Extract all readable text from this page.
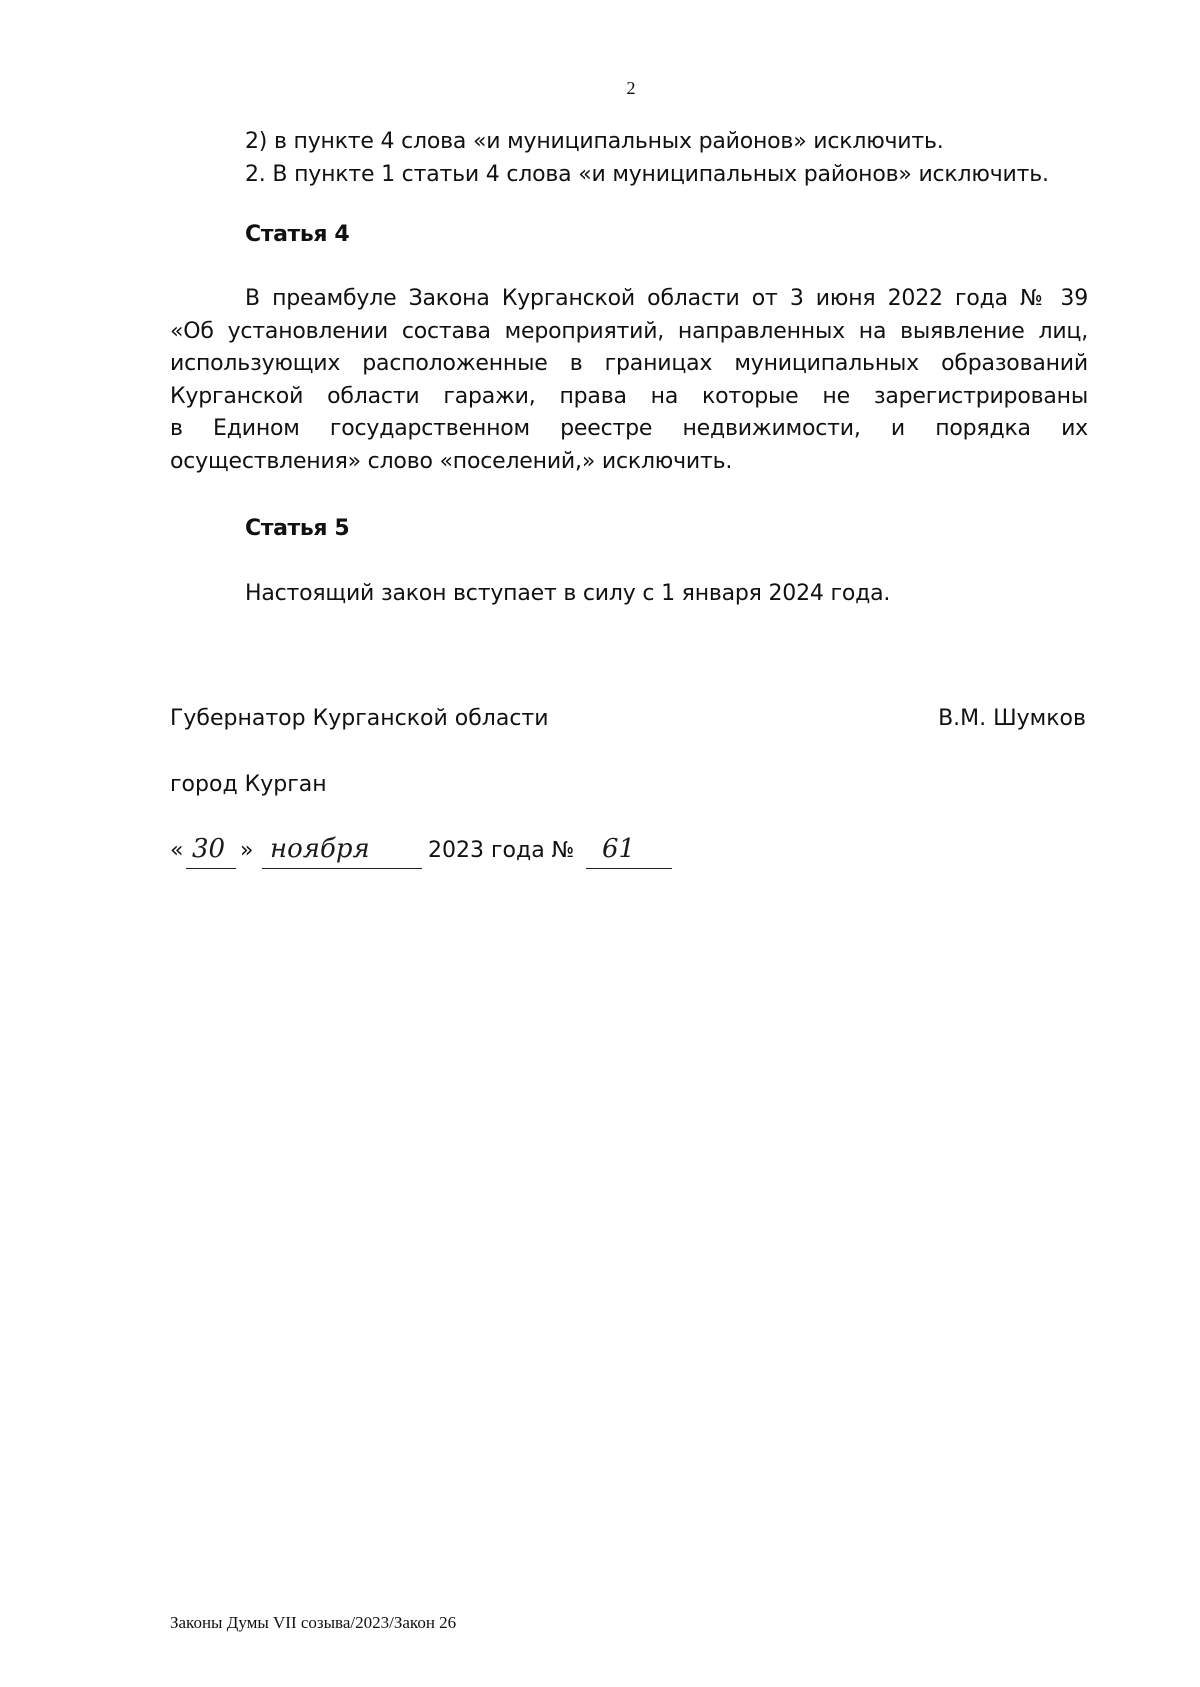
2
2) в пункте 4 слова «и муниципальных районов» исключить.
2. В пункте 1 статьи 4 слова «и муниципальных районов» исключить.
Статья 4
В преамбуле Закона Курганской области от 3 июня 2022 года № 39
«Об установлении состава мероприятий, направленных на выявление лиц,
использующих расположенные в границах муниципальных образований
Курганской области гаражи, права на которые не зарегистрированы
в Едином государственном реестре недвижимости, и порядка их
осуществления» слово «поселений,» исключить.
Статья 5
Настоящий закон вступает в силу с 1 января 2024 года.
Губернатор Курганской области	В.М. Шумков
город Курган
« 30 » ноября	2023 года № 61
Законы Думы VII созыва/2023/Закон 26
